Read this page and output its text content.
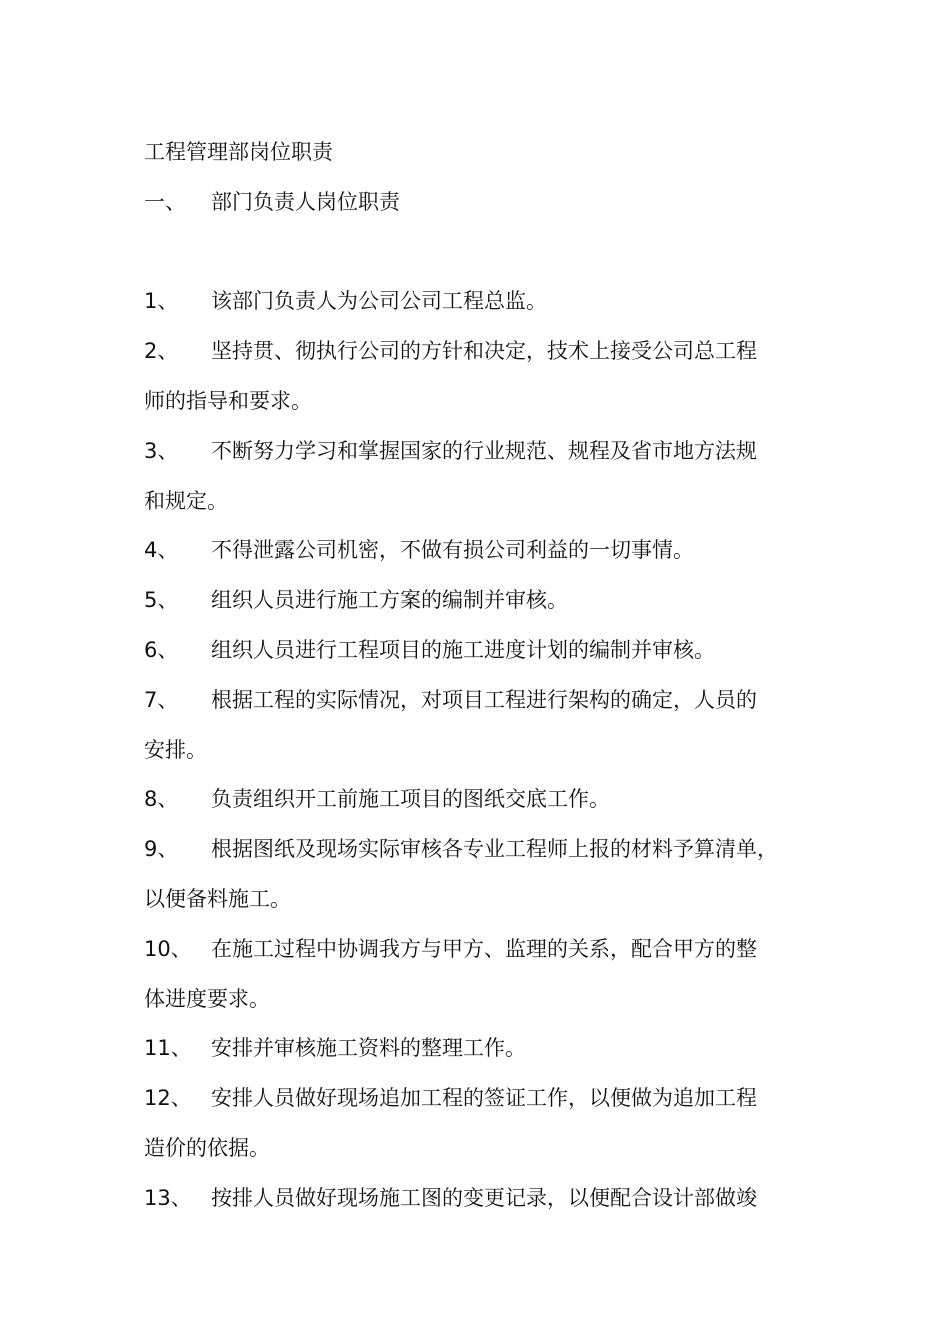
工程管理部岗位职责
一、 部门负责人岗位职责
1、 该部门负责人为公司公司工程总监。
2、 坚持贯、彻执行公司的方针和决定，技术上接受公司总工程
师的指导和要求。
3、 不断努力学习和掌握国家的行业规范、规程及省市地方法规
和规定。
4、 不得泄露公司机密，不做有损公司利益的一切事情。
5、 组织人员进行施工方案的编制并审核。
6、 组织人员进行工程项目的施工进度计划的编制并审核。
7、 根据工程的实际情况，对项目工程进行架构的确定，人员的
安排。
8、 负责组织开工前施工项目的图纸交底工作。
9、 根据图纸及现场实际审核各专业工程师上报的材料予算清单，
以便备料施工。
10、 在施工过程中协调我方与甲方、监理的关系，配合甲方的整
体进度要求。
11、 安排并审核施工资料的整理工作。
12、 安排人员做好现场追加工程的签证工作，以便做为追加工程
造价的依据。
13、 按排人员做好现场施工图的变更记录，以便配合设计部做竣
